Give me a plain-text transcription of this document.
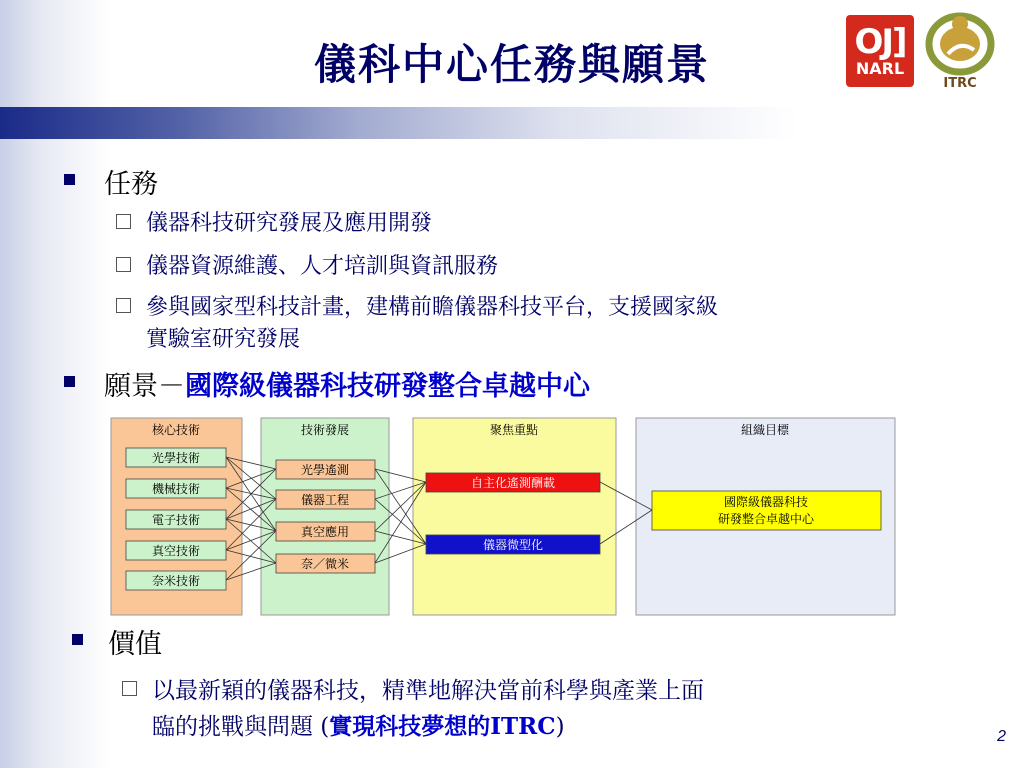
儀科中心任務與願景	OJ]
NARL
ITRC
任務
儀器科技研究發展及應用開發
儀器資源維護、人才培訓與資訊服務
參與國家型科技計畫，建構前瞻儀器科技平台，支援國家級
實驗室研究發展
願景－國際級儀器科技研發整合卓越中心
核心技術	技術發展	聚焦重點	組織目標
光學技術
機械技術
電子技術
真空技術
奈米技術
光學遙測
儀器工程
真空應用
奈／微米
自主化遙測酬載
儀器微型化
國際級儀器科技
研發整合卓越中心
價值
以最新穎的儀器科技，精準地解決當前科學與產業上面
臨的挑戰與問題 (實現科技夢想的ITRC)	2
